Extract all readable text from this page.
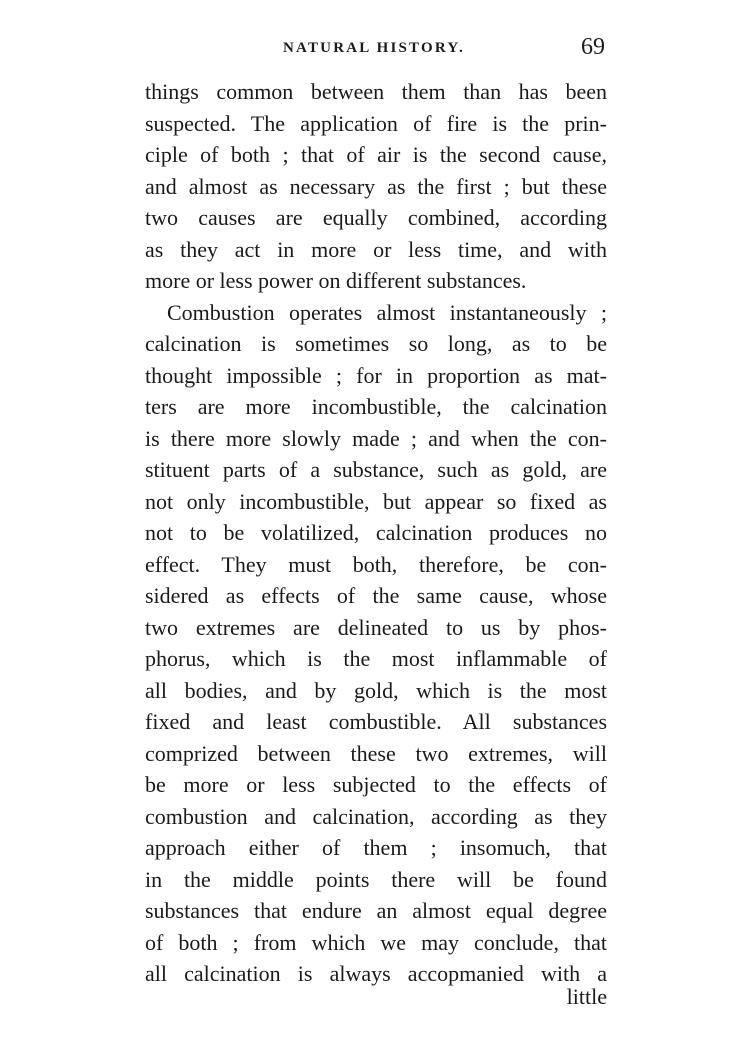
NATURAL HISTORY.	69
things common between them than has been
suspected. The application of fire is the prin-
ciple of both ; that of air is the second cause,
and almost as necessary as the first ; but these
two causes are equally combined, according
as they act in more or less time, and with
more or less power on different substances.
Combustion operates almost instantaneously ;
calcination is sometimes so long, as to be
thought impossible ; for in proportion as mat-
ters are more incombustible, the calcination
is there more slowly made ; and when the con-
stituent parts of a substance, such as gold, are
not only incombustible, but appear so fixed as
not to be volatilized, calcination produces no
effect. They must both, therefore, be con-
sidered as effects of the same cause, whose
two extremes are delineated to us by phos-
phorus, which is the most inflammable of
all bodies, and by gold, which is the most
fixed and least combustible. All substances
comprized between these two extremes, will
be more or less subjected to the effects of
combustion and calcination, according as they
approach either of them ; insomuch, that
in the middle points there will be found
substances that endure an almost equal degree
of both ; from which we may conclude, that
all calcination is always accopmanied with a
little
